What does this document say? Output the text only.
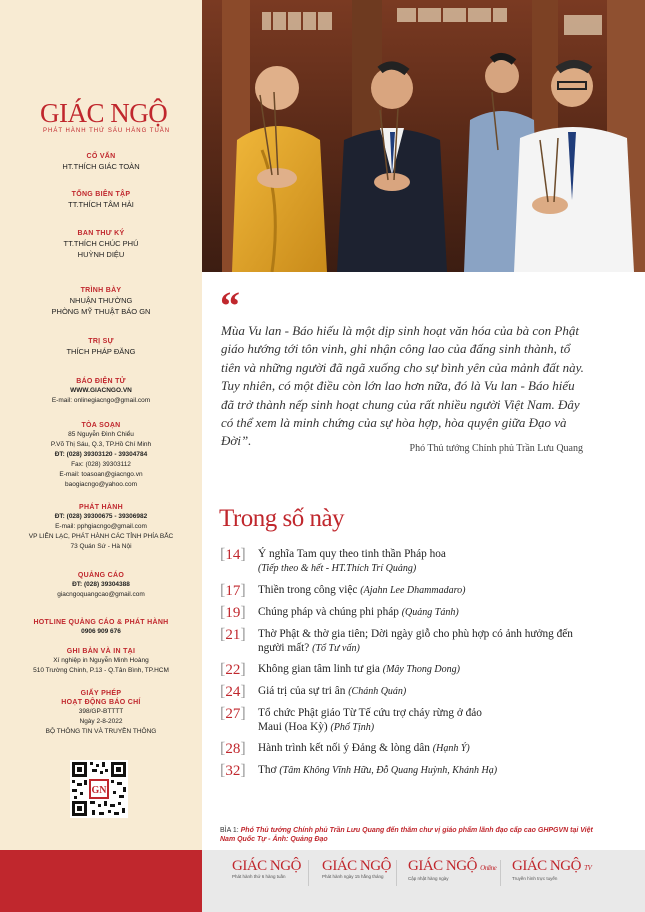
GIÁC NGỘ
PHÁT HÀNH THỨ SÁU HÀNG TUẦN
CỐ VẤN
HT.THÍCH GIÁC TOÀN
TỔNG BIÊN TẬP
TT.THÍCH TÂM HẢI
BAN THƯ KÝ
TT.THÍCH CHÚC PHÚ
HUỲNH DIỆU
TRÌNH BÀY
NHUẬN THƯỜNG
PHÒNG MỸ THUẬT BÁO GN
TRỊ SỰ
THÍCH PHÁP ĐĂNG
BÁO ĐIỆN TỬ
WWW.GIACNGO.VN
E-mail: onlinegiacngo@gmail.com
TÒA SOẠN
85 Nguyễn Đình Chiểu
P.Võ Thị Sáu, Q.3, TP.Hồ Chí Minh
ĐT: (028) 39303120 - 39304784
Fax: (028) 39303112
E-mail: toasoan@giacngo.vn
baogiacngo@yahoo.com
PHÁT HÀNH
ĐT: (028) 39300675 - 39306982
E-mail: pphgiacngo@gmail.com
VP LIÊN LẠC, PHÁT HÀNH CÁC TỈNH PHÍA BẮC
73 Quán Sứ - Hà Nội
QUẢNG CÁO
ĐT: (028) 39304388
giacngoquangcao@gmail.com
HOTLINE QUẢNG CÁO & PHÁT HÀNH
0906 909 676
GHI BẢN VÀ IN TẠI
Xí nghiệp in Nguyễn Minh Hoàng
510 Trường Chinh, P.13 - Q.Tân Bình, TP.HCM
GIẤY PHÉP
HOẠT ĐỘNG BÁO CHÍ
398/GP-BTTTT
Ngày 2-8-2022
BỘ THÔNG TIN VÀ TRUYỀN THÔNG
GN
“
Mùa Vu lan - Báo hiếu là một dịp sinh hoạt văn hóa của bà con Phật giáo hướng tới tôn vinh, ghi nhận công lao của đấng sinh thành, tổ tiên và những người đã ngã xuống cho sự bình yên của mảnh đất này. Tuy nhiên, có một điều còn lớn lao hơn nữa, đó là Vu lan - Báo hiếu đã trở thành nếp sinh hoạt chung của rất nhiều người Việt Nam. Đây có thể xem là minh chứng của sự hòa hợp, hòa quyện giữa Đạo và Đời”.
Phó Thủ tướng Chính phủ Trần Lưu Quang
Trong số này
[14] Ý nghĩa Tam quy theo tinh thần Pháp hoa
(Tiếp theo & hết - HT.Thích Trí Quảng)
[17] Thiền trong công việc (Ajahn Lee Dhammadaro)
[19] Chúng pháp và chúng phi pháp (Quảng Tánh)
[21] Thờ Phật & thờ gia tiên; Dời ngày giỗ cho phù hợp có ảnh hưởng đến người mất? (Tổ Tư vấn)
[22] Không gian tâm linh tư gia (Mây Thong Dong)
[24] Giá trị của sự tri ân (Chánh Quán)
[27] Tổ chức Phật giáo Từ Tế cứu trợ cháy rừng ở đảo Maui (Hoa Kỳ) (Phổ Tịnh)
[28] Hành trình kết nối ý Đảng & lòng dân (Hạnh Ý)
[32] Thơ (Tâm Không Vĩnh Hữu, Đỗ Quang Huỳnh, Khánh Hạ)
BÌA 1: Phó Thủ tướng Chính phủ Trần Lưu Quang đến thăm chư vị giáo phẩm lãnh đạo cấp cao GHPGVN tại Việt Nam Quốc Tự - Ảnh: Quảng Đạo
GIÁC NGỘ
Phát hành thứ 6 hàng tuần
GIÁC NGỘ
Phát hành ngày 15 hằng tháng
GIÁC NGỘ Online
Cập nhật hàng ngày
GIÁC NGỘ TV
Truyền hình trực tuyến
